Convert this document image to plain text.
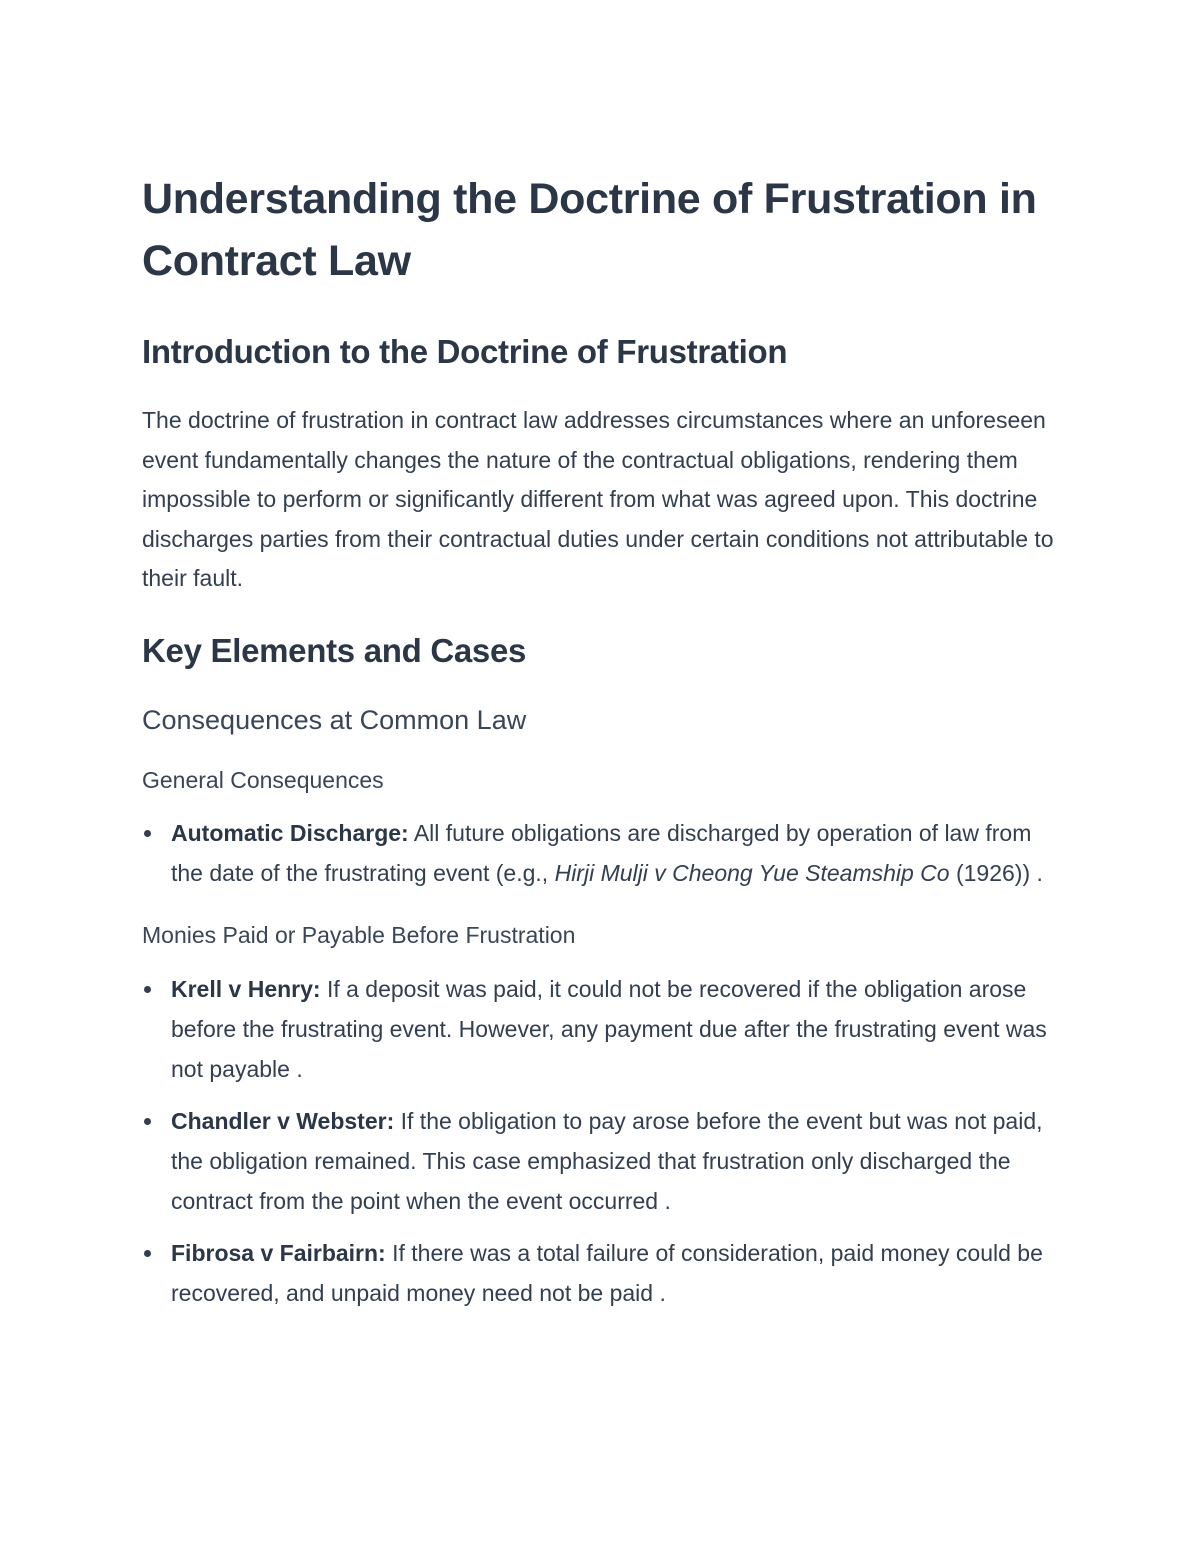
Understanding the Doctrine of Frustration in Contract Law
Introduction to the Doctrine of Frustration

The doctrine of frustration in contract law addresses circumstances where an unforeseen event fundamentally changes the nature of the contractual obligations, rendering them impossible to perform or significantly different from what was agreed upon. This doctrine discharges parties from their contractual duties under certain conditions not attributable to their fault.

Key Elements and Cases
Consequences at Common Law
General Consequences
Automatic Discharge: All future obligations are discharged by operation of law from the date of the frustrating event (e.g., Hirji Mulji v Cheong Yue Steamship Co (1926)) .
Monies Paid or Payable Before Frustration
Krell v Henry: If a deposit was paid, it could not be recovered if the obligation arose before the frustrating event. However, any payment due after the frustrating event was not payable .
Chandler v Webster: If the obligation to pay arose before the event but was not paid, the obligation remained. This case emphasized that frustration only discharged the contract from the point when the event occurred .
Fibrosa v Fairbairn: If there was a total failure of consideration, paid money could be recovered, and unpaid money need not be paid .
